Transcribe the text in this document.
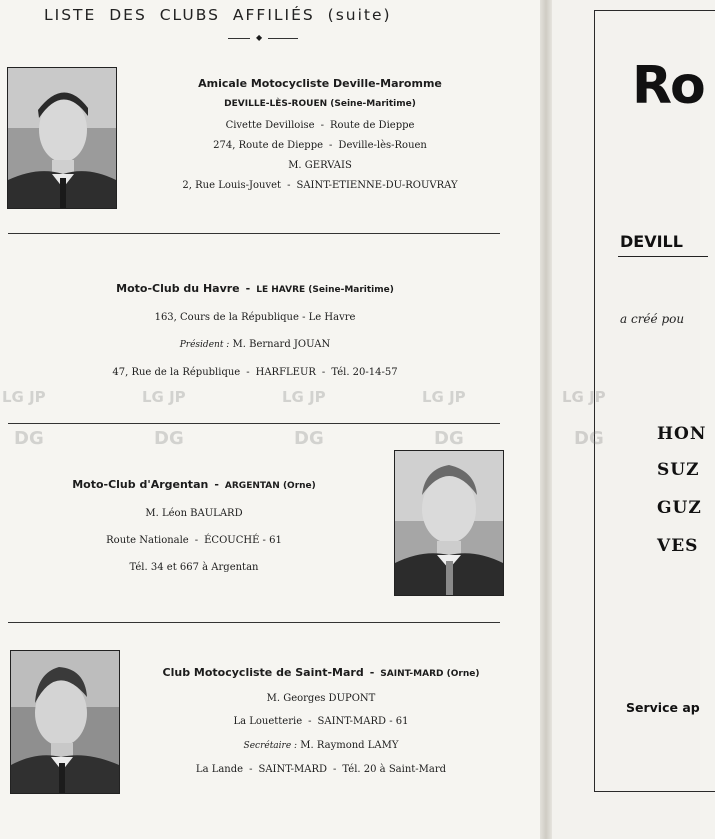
LISTE DES CLUBS AFFILIÉS (suite)
◆
Amicale Motocycliste Deville-Maromme
DEVILLE-LÈS-ROUEN (Seine-Maritime)
Civette Devilloise - Route de Dieppe
274, Route de Dieppe - Deville-lès-Rouen
M. GERVAIS
2, Rue Louis-Jouvet - SAINT-ETIENNE-DU-ROUVRAY
Moto-Club du Havre - LE HAVRE (Seine-Maritime)
163, Cours de la République - Le Havre
Président : M. Bernard JOUAN
47, Rue de la République - HARFLEUR - Tél. 20-14-57
LG JP
DG
LG JP
DG
LG JP
DG
LG JP
DG
LG JP
DG
Moto-Club d'Argentan - ARGENTAN (Orne)
M. Léon BAULARD
Route Nationale - ÉCOUCHÉ - 61
Tél. 34 et 667 à Argentan
Club Motocycliste de Saint-Mard - SAINT-MARD (Orne)
M. Georges DUPONT
La Louetterie - SAINT-MARD - 61
Secrétaire : M. Raymond LAMY
La Lande - SAINT-MARD - Tél. 20 à Saint-Mard
Ro
DEVILL
a créé pou
HON
SUZ
GUZ
VES
Service ap
